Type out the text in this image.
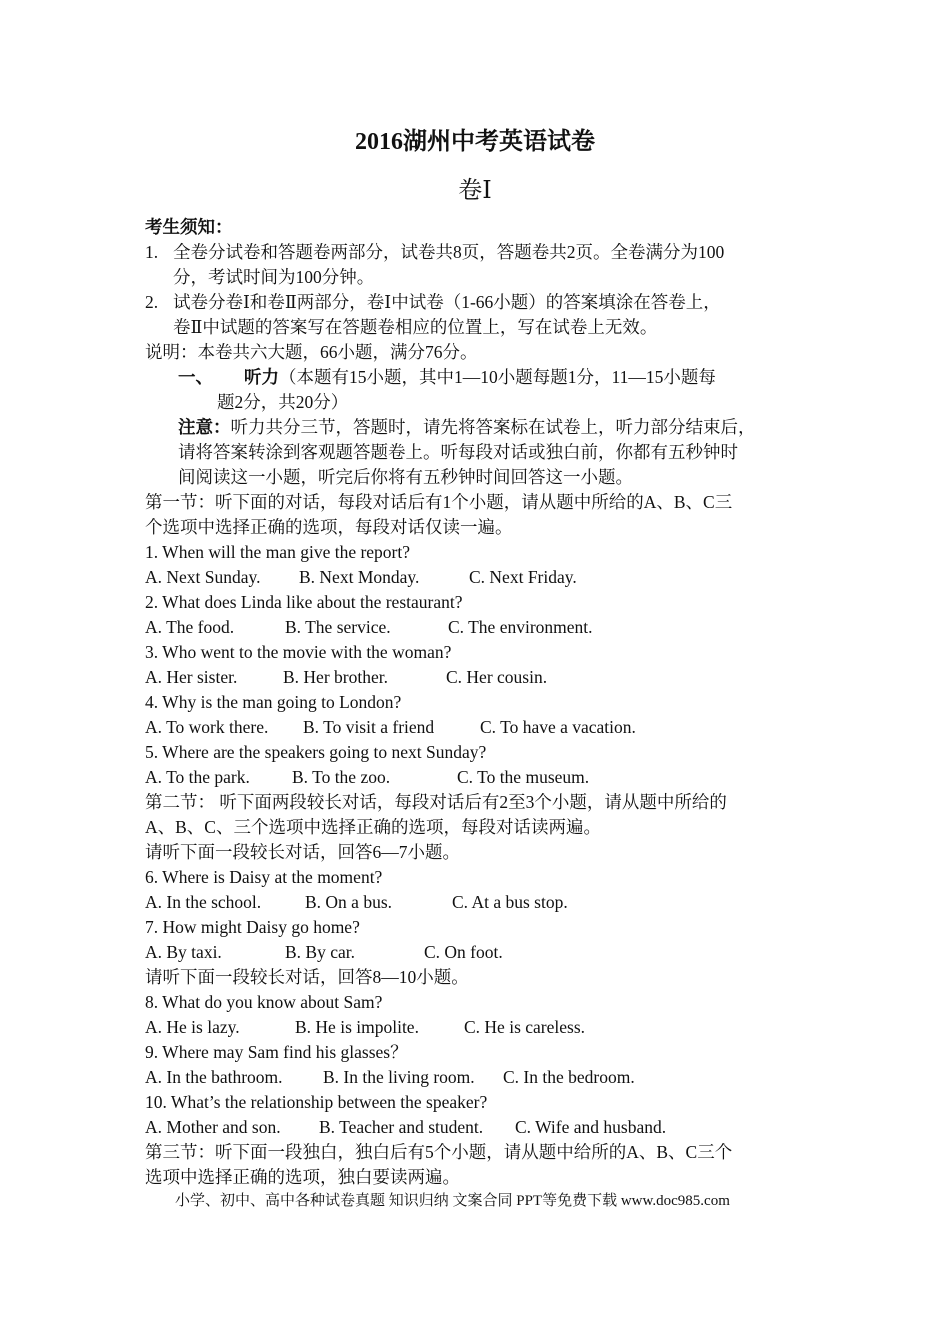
2016湖州中考英语试卷
卷Ⅰ
考生须知：
1. 全卷分试卷和答题卷两部分，试卷共8页，答题卷共2页。全卷满分为100
分，考试时间为100分钟。
2. 试卷分卷Ⅰ和卷Ⅱ两部分，卷Ⅰ中试卷（1-66小题）的答案填涂在答卷上，
卷Ⅱ中试题的答案写在答题卷相应的位置上，写在试卷上无效。
说明：本卷共六大题，66小题，满分76分。
一、 听力（本题有15小题，其中1—10小题每题1分，11—15小题每
题2分，共20分）
注意：听力共分三节，答题时，请先将答案标在试卷上，听力部分结束后，
请将答案转涂到客观题答题卷上。听每段对话或独白前，你都有五秒钟时
间阅读这一小题，听完后你将有五秒钟时间回答这一小题。
第一节：听下面的对话，每段对话后有1个小题，请从题中所给的A、B、C三
个选项中选择正确的选项，每段对话仅读一遍。
1. When will the man give the report?
A. Next Sunday. B. Next Monday.	C. Next Friday.
2. What does Linda like about the restaurant?
A. The food.	B. The service.	C. The environment.
3. Who went to the movie with the woman?
A. Her sister.	B. Her brother.	C. Her cousin.
4. Why is the man going to London?
A. To work there. B. To visit a friend	C. To have a vacation.
5. Where are the speakers going to next Sunday?
A. To the park. B. To the zoo.	C. To the museum.
第二节： 听下面两段较长对话，每段对话后有2至3个小题，请从题中所给的
A、B、C、三个选项中选择正确的选项，每段对话读两遍。
请听下面一段较长对话，回答6—7小题。
6. Where is Daisy at the moment?
A. In the school.	B. On a bus.	C. At a bus stop.
7. How might Daisy go home?
A. By taxi.	B. By car.	C. On foot.
请听下面一段较长对话，回答8—10小题。
8. What do you know about Sam?
A. He is lazy.	B. He is impolite.	C. He is careless.
9. Where may Sam find his glasses？
A. In the bathroom. B. In the living room. C. In the bedroom.
10. What’s the relationship between the speaker?
A. Mother and son. B. Teacher and student. C. Wife and husband.
第三节：听下面一段独白，独白后有5个小题，请从题中给所的A、B、C三个
选项中选择正确的选项，独白要读两遍。
小学、初中、高中各种试卷真题 知识归纳 文案合同 PPT等免费下载 www.doc985.com
